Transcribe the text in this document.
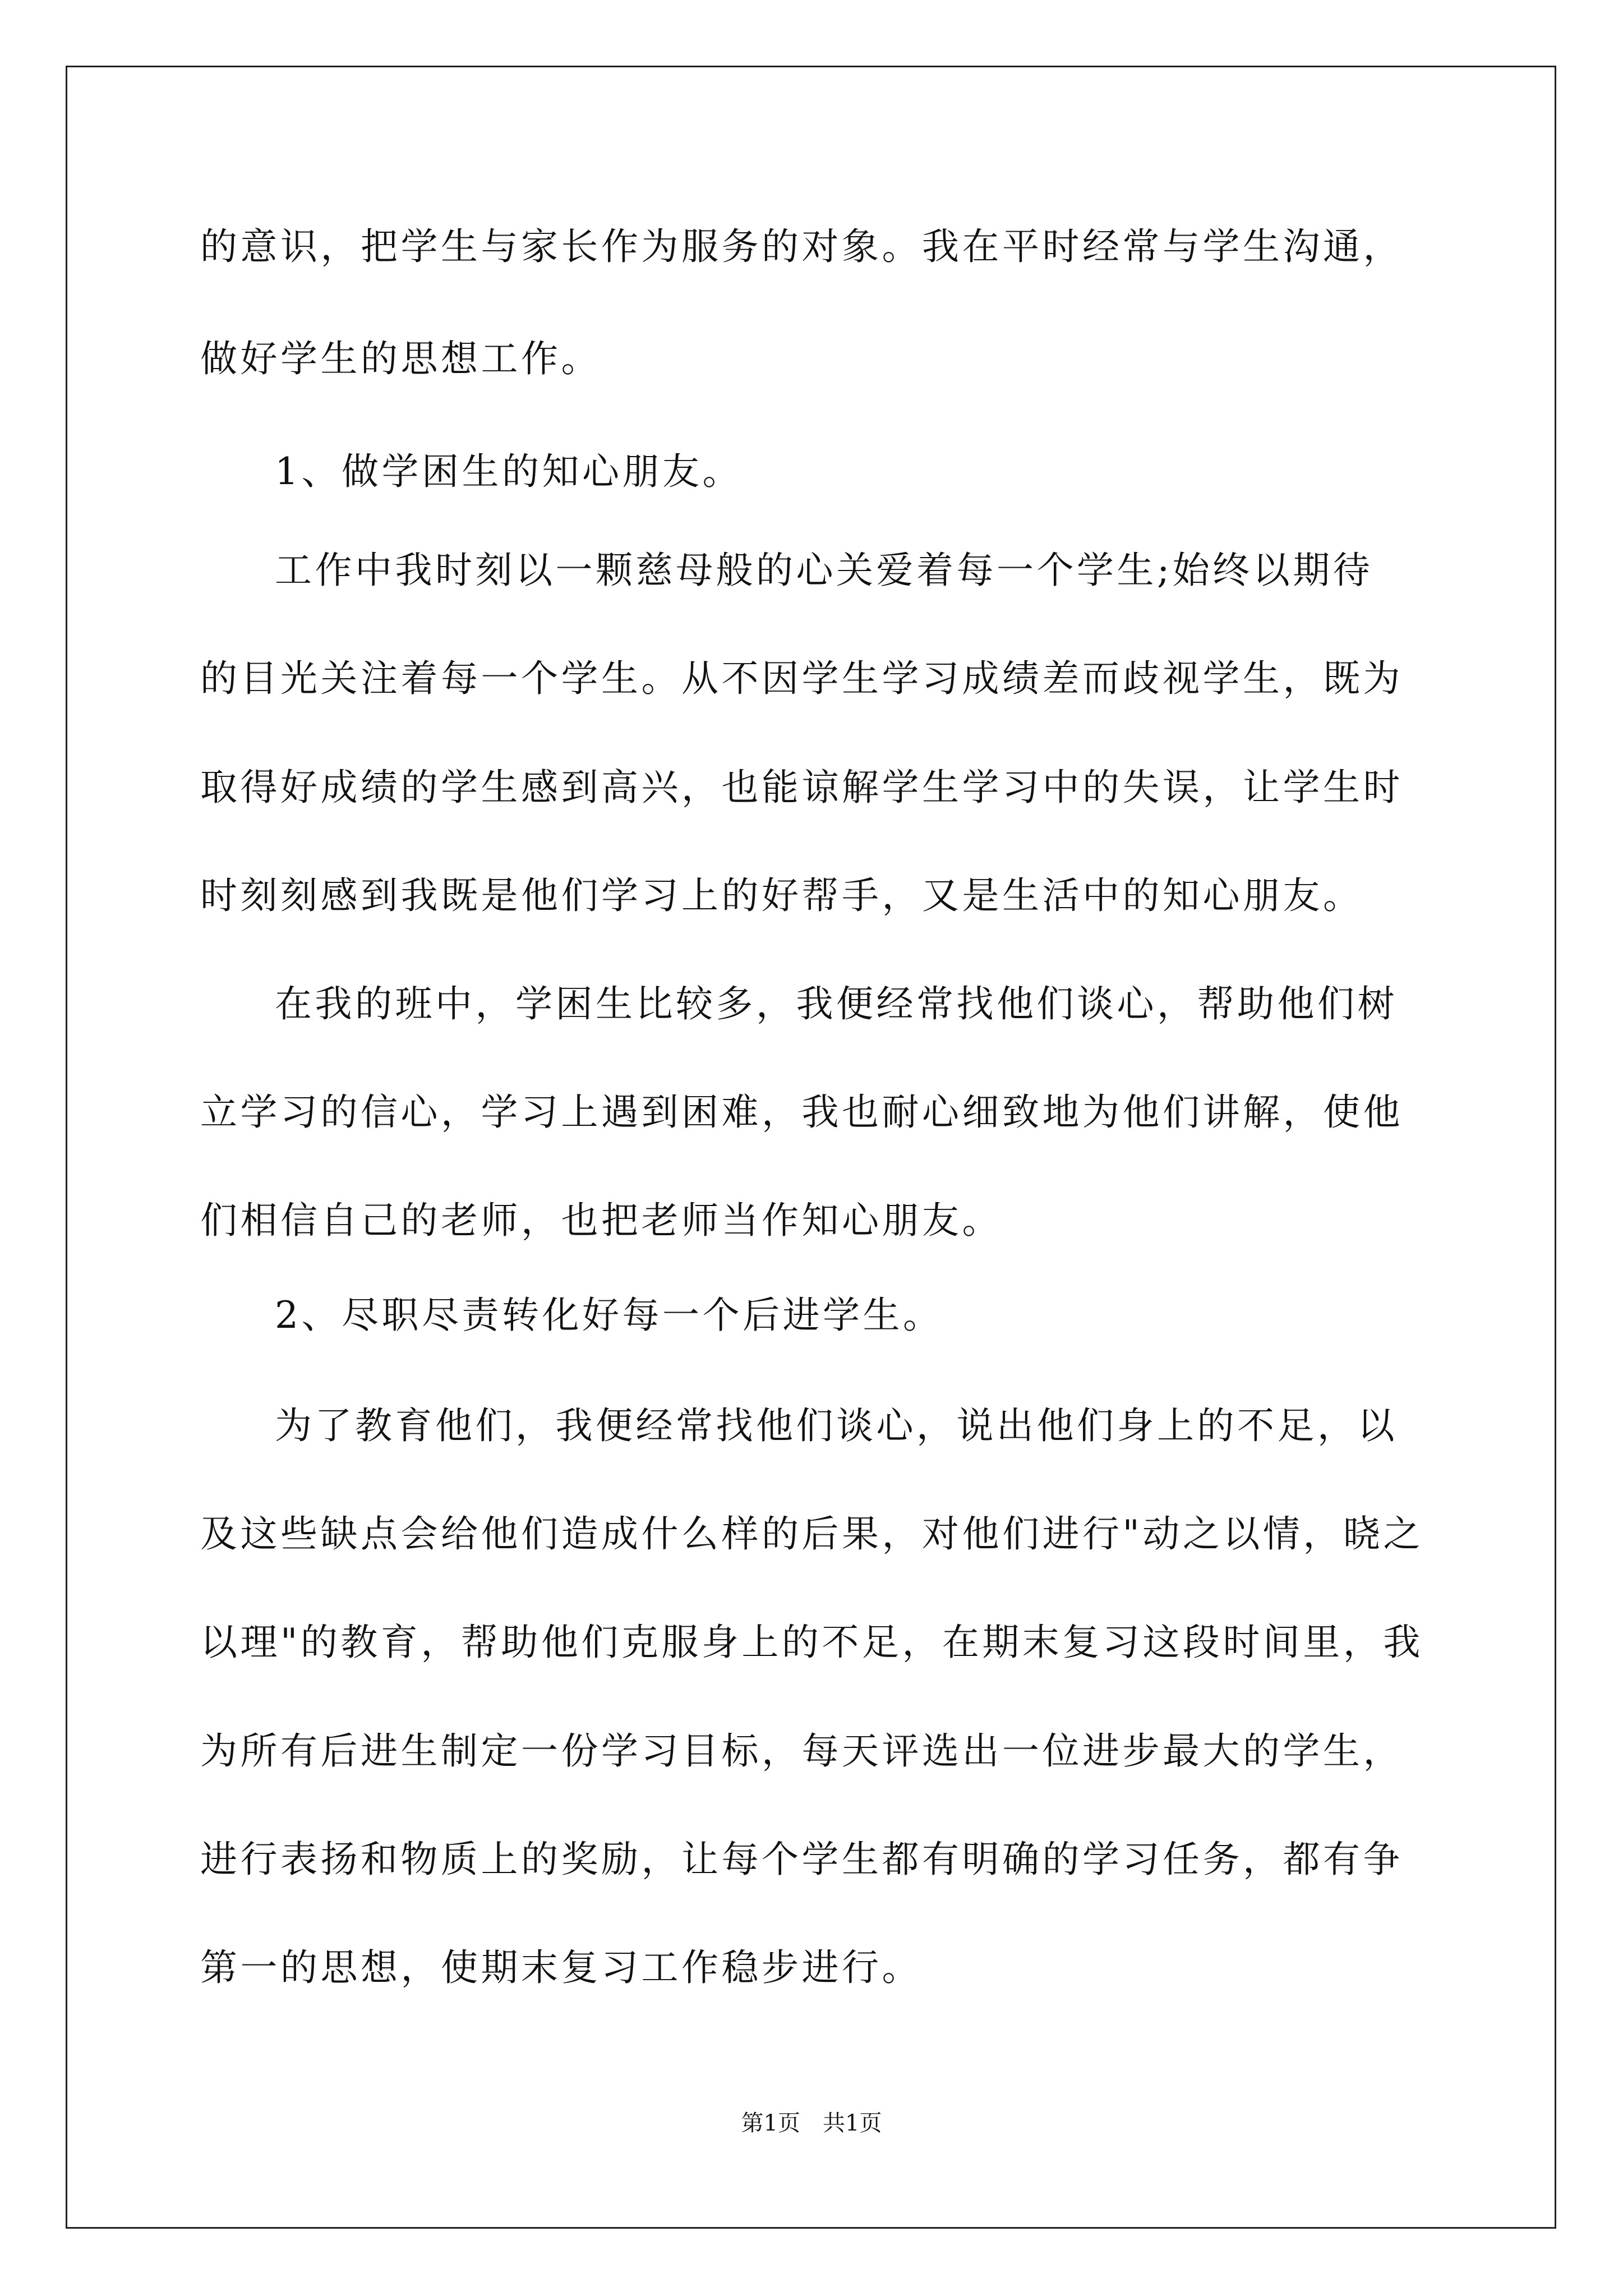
的意识，把学生与家长作为服务的对象。我在平时经常与学生沟通，

做好学生的思想工作。

1、做学困生的知心朋友。

工作中我时刻以一颗慈母般的心关爱着每一个学生;始终以期待

的目光关注着每一个学生。从不因学生学习成绩差而歧视学生，既为

取得好成绩的学生感到高兴，也能谅解学生学习中的失误，让学生时

时刻刻感到我既是他们学习上的好帮手，又是生活中的知心朋友。

在我的班中，学困生比较多，我便经常找他们谈心，帮助他们树

立学习的信心，学习上遇到困难，我也耐心细致地为他们讲解，使他

们相信自己的老师，也把老师当作知心朋友。

2、尽职尽责转化好每一个后进学生。

为了教育他们，我便经常找他们谈心，说出他们身上的不足，以

及这些缺点会给他们造成什么样的后果，对他们进行"动之以情，晓之

以理"的教育，帮助他们克服身上的不足，在期末复习这段时间里，我

为所有后进生制定一份学习目标，每天评选出一位进步最大的学生，

进行表扬和物质上的奖励，让每个学生都有明确的学习任务，都有争

第一的思想，使期末复习工作稳步进行。

第1页 共1页
